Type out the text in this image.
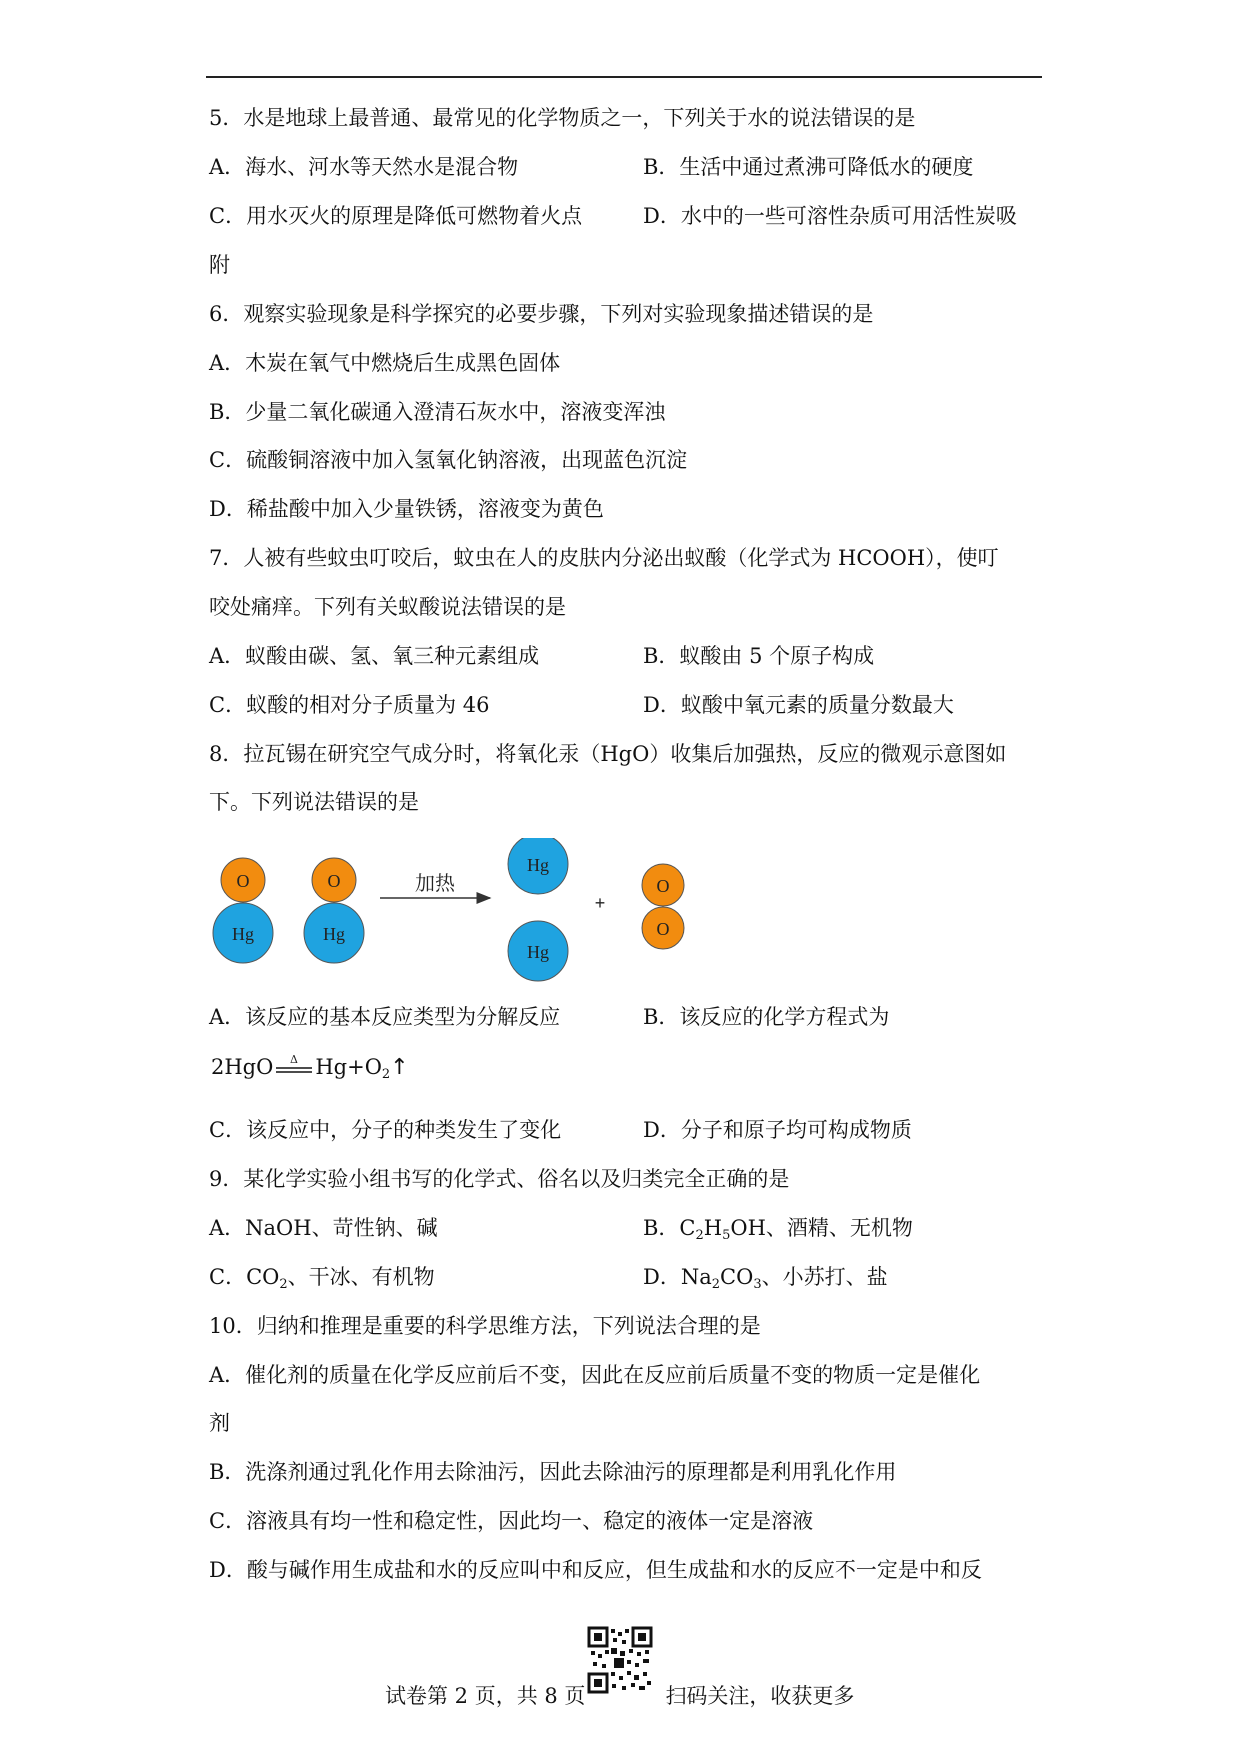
5．水是地球上最普通、最常见的化学物质之一，下列关于水的说法错误的是
A．海水、河水等天然水是混合物	B．生活中通过煮沸可降低水的硬度
C．用水灭火的原理是降低可燃物着火点	D．水中的一些可溶性杂质可用活性炭吸
附
6．观察实验现象是科学探究的必要步骤，下列对实验现象描述错误的是
A．木炭在氧气中燃烧后生成黑色固体
B．少量二氧化碳通入澄清石灰水中，溶液变浑浊
C．硫酸铜溶液中加入氢氧化钠溶液，出现蓝色沉淀
D．稀盐酸中加入少量铁锈，溶液变为黄色
7．人被有些蚊虫叮咬后，蚊虫在人的皮肤内分泌出蚁酸（化学式为 HCOOH），使叮
咬处痛痒。下列有关蚁酸说法错误的是
A．蚁酸由碳、氢、氧三种元素组成	B．蚁酸由 5 个原子构成
C．蚁酸的相对分子质量为 46	D．蚁酸中氧元素的质量分数最大
8．拉瓦锡在研究空气成分时，将氧化汞（HgO）收集后加强热，反应的微观示意图如
下。下列说法错误的是
O
Hg
O
Hg
加热
Hg
Hg
+
O
O
A．该反应的基本反应类型为分解反应	B．该反应的化学方程式为
2HgO Δ $Hg+O_2↑$
C．该反应中，分子的种类发生了变化	D．分子和原子均可构成物质
9．某化学实验小组书写的化学式、俗名以及归类完全正确的是
A．NaOH、苛性钠、碱	B．$C_2H_5OH$、酒精、无机物
C．$CO_2$、干冰、有机物	D．$Na_2CO_3$、小苏打、盐
10．归纳和推理是重要的科学思维方法，下列说法合理的是
A．催化剂的质量在化学反应前后不变，因此在反应前后质量不变的物质一定是催化
剂
B．洗涤剂通过乳化作用去除油污，因此去除油污的原理都是利用乳化作用
C．溶液具有均一性和稳定性，因此均一、稳定的液体一定是溶液
D．酸与碱作用生成盐和水的反应叫中和反应，但生成盐和水的反应不一定是中和反
试卷第 2 页，共 8 页	扫码关注，收获更多
